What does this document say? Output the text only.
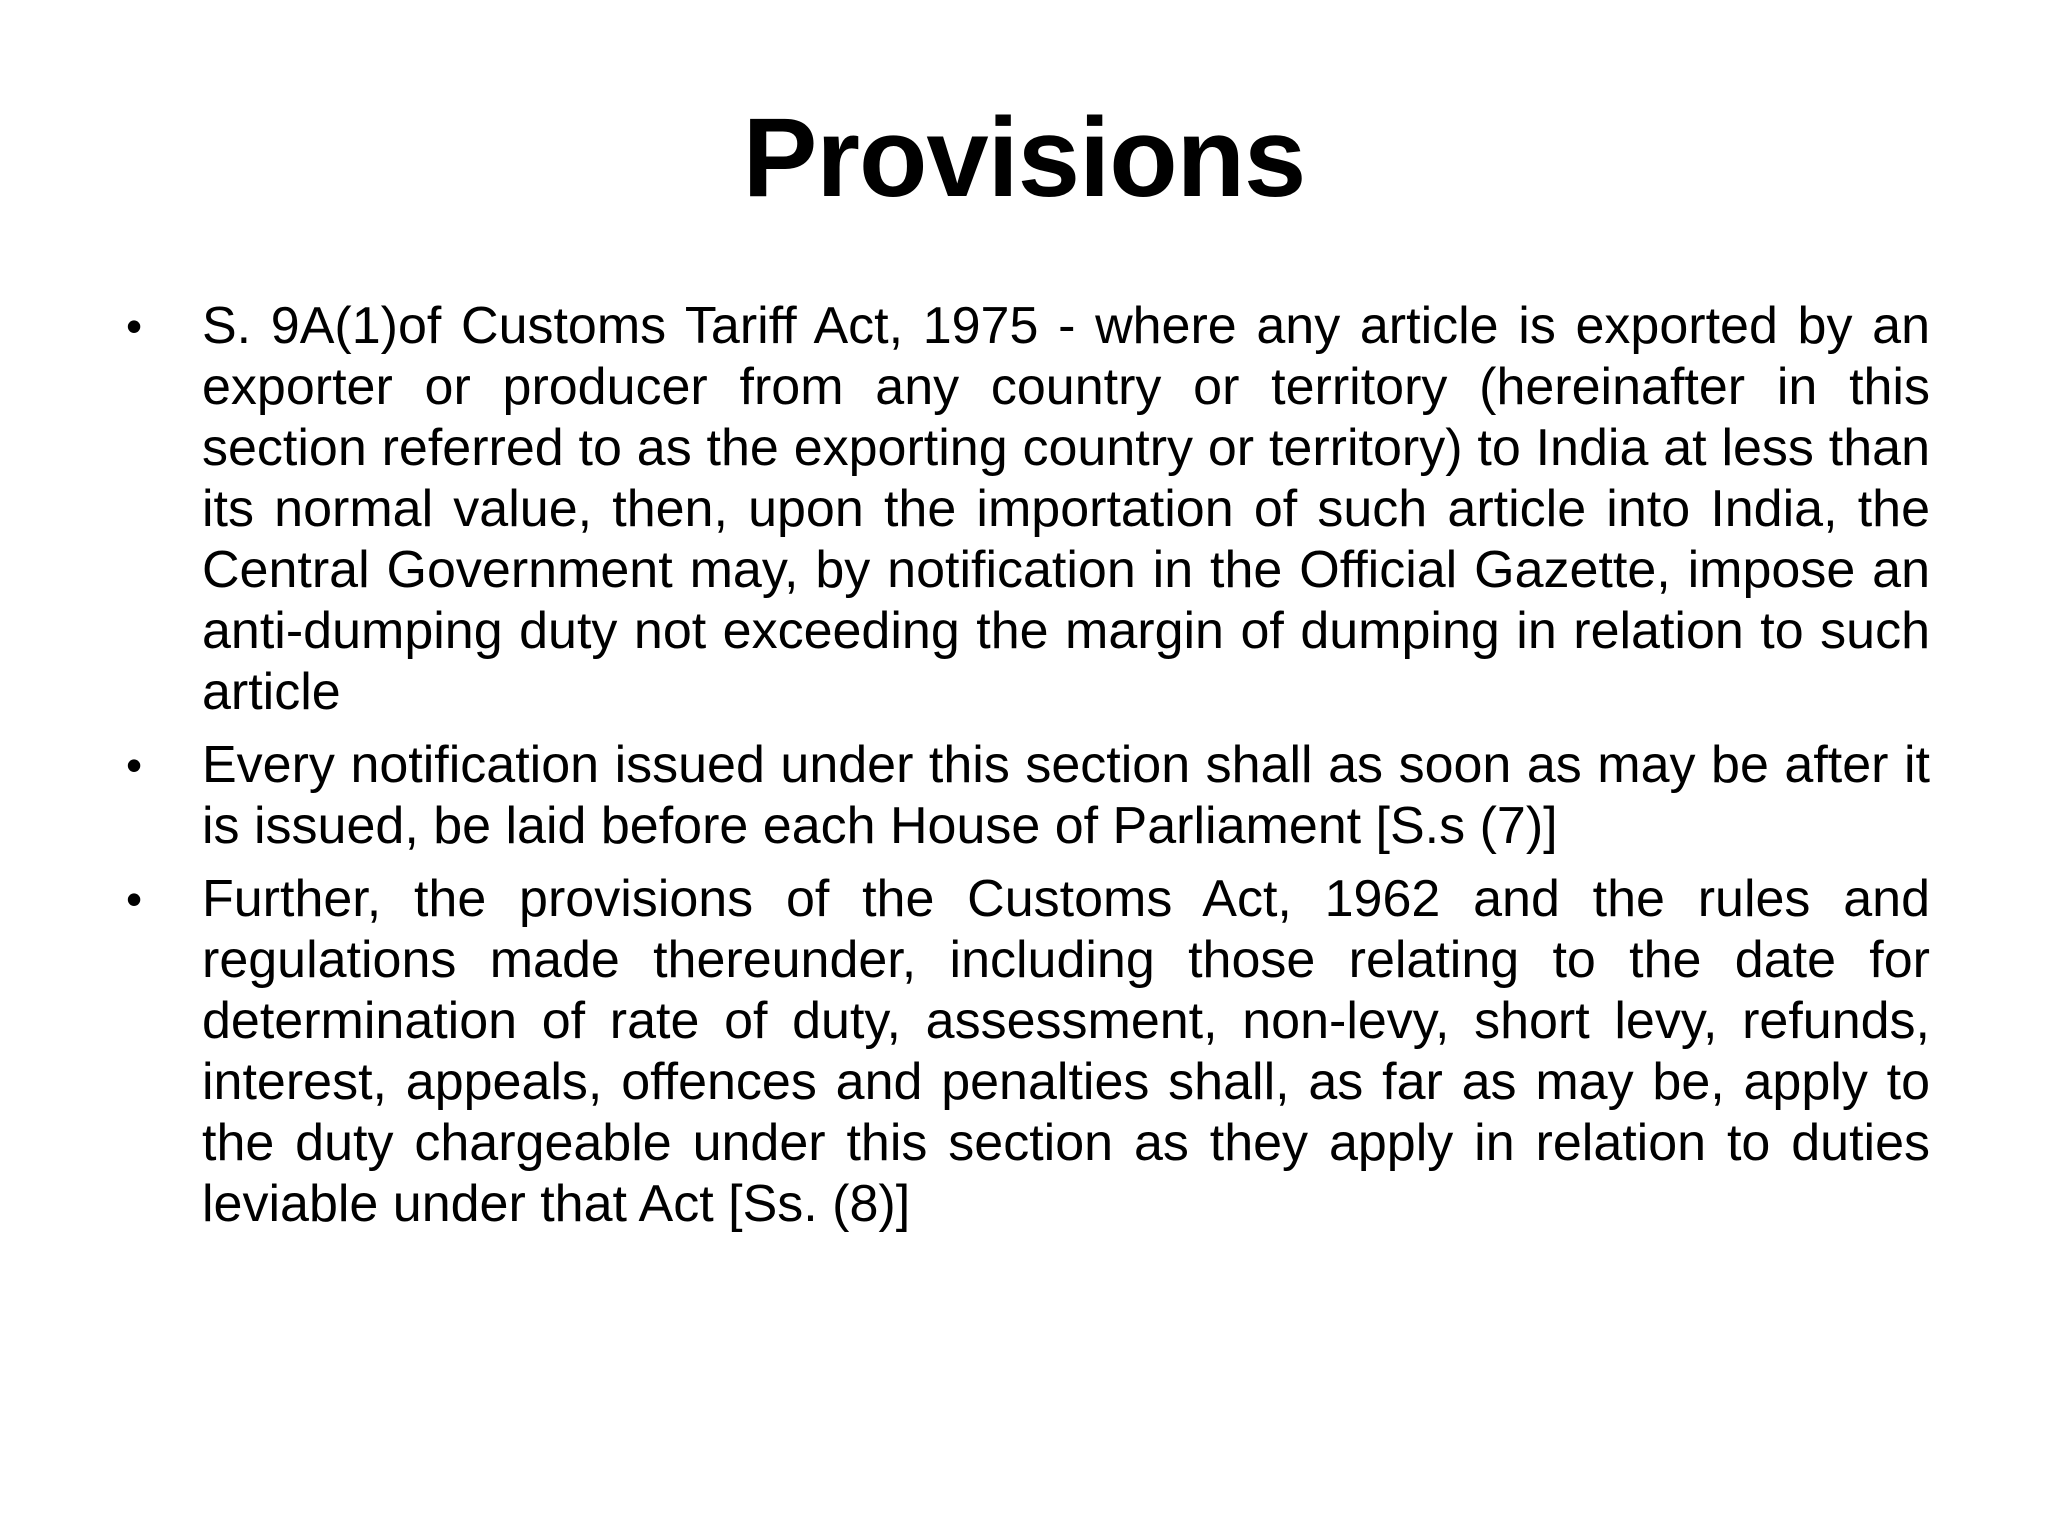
Provisions
• S. 9A(1)of Customs Tariff Act, 1975 - where any article is exported by an exporter or producer from any country or territory (hereinafter in this section referred to as the exporting country or territory) to India at less than its normal value, then, upon the importation of such article into India, the Central Government may, by notification in the Official Gazette, impose an anti-dumping duty not exceeding the margin of dumping in relation to such article
• Every notification issued under this section shall as soon as may be after it is issued, be laid before each House of Parliament [S.s (7)]
• Further, the provisions of the Customs Act, 1962 and the rules and regulations made thereunder, including those relating to the date for determination of rate of duty, assessment, non-levy, short levy, refunds, interest, appeals, offences and penalties shall, as far as may be, apply to the duty chargeable under this section as they apply in relation to duties leviable under that Act [Ss. (8)]
